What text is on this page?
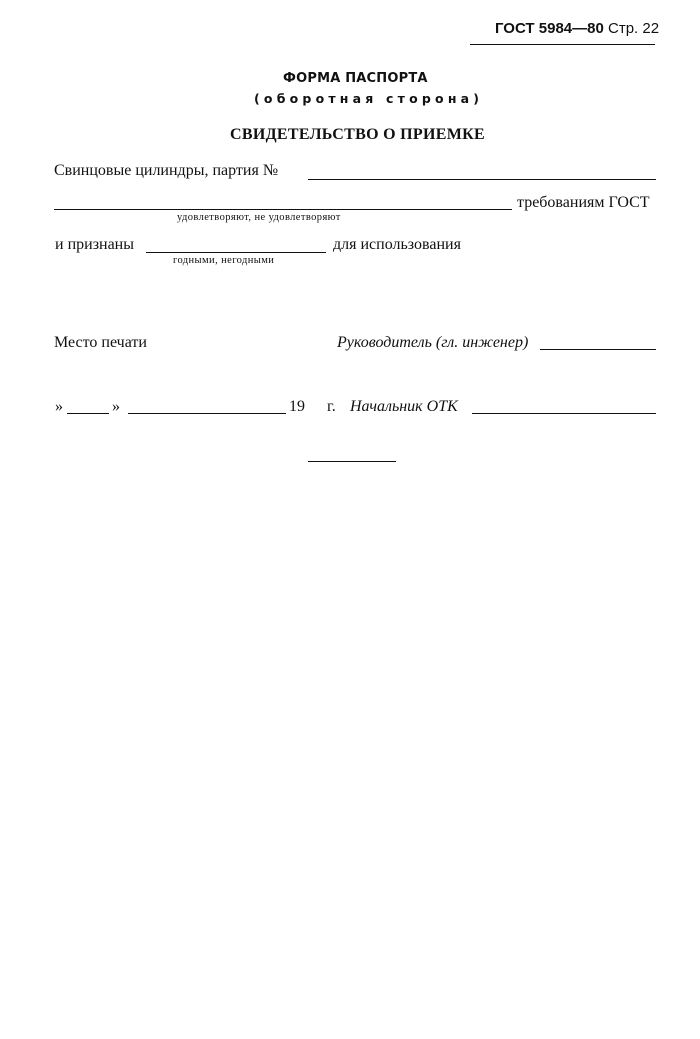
ГОСТ 5984—80 Стр. 22
ФОРМА ПАСПОРТА
(оборотная сторона)
СВИДЕТЕЛЬСТВО О ПРИЕМКЕ
Свинцовые цилиндры, партия №
требованиям ГОСТ
удовлетворяют, не удовлетворяют
и признаны	для использования
годными, негодными
Место печати	Руководитель (гл. инженер)
»	»	19 г. Начальник ОТК
